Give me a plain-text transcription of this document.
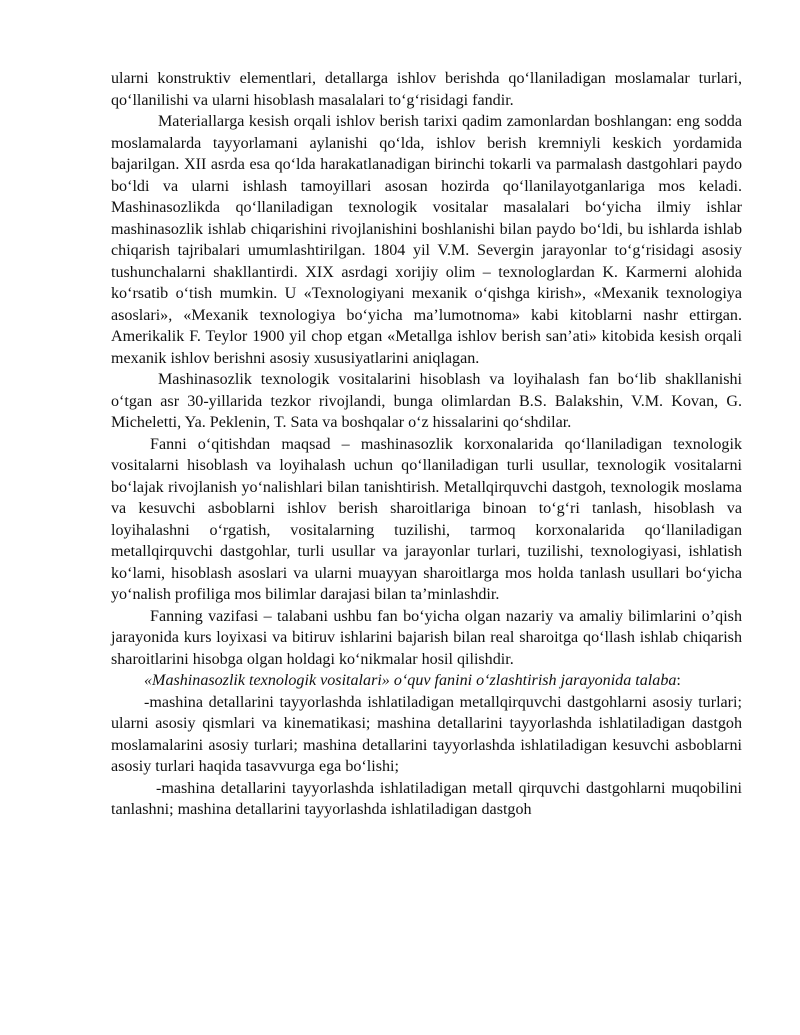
ularni konstruktiv elementlari, detallarga ishlov berishda qo‘llaniladigan moslamalar turlari, qo‘llanilishi va ularni hisoblash masalalari to‘g‘risidagi fandir.

Materiallarga kesish orqali ishlov berish tarixi qadim zamonlardan boshlangan: eng sodda moslamalarda tayyorlamani aylanishi qo‘lda, ishlov berish kremniyli keskich yordamida bajarilgan. XII asrda esa qo‘lda harakatlanadigan birinchi tokarli va parmalash dastgohlari paydo bo‘ldi va ularni ishlash tamoyillari asosan hozirda qo‘llanilayotganlariga mos keladi. Mashinasozlikda qo‘llaniladigan texnologik vositalar masalalari bo‘yicha ilmiy ishlar mashinasozlik ishlab chiqarishini rivojlanishini boshlanishi bilan paydo bo‘ldi, bu ishlarda ishlab chiqarish tajribalari umumlashtirilgan. 1804 yil V.M. Severgin jarayonlar to‘g‘risidagi asosiy tushunchalarni shakllantirdi. XIX asrdagi xorijiy olim – texnologlardan K. Karmerni alohida ko‘rsatib o‘tish mumkin. U «Texnologiyani mexanik o‘qishga kirish», «Mexanik texnologiya asoslari», «Mexanik texnologiya bo‘yicha ma’lumotnoma» kabi kitoblarni nashr ettirgan. Amerikalik F. Teylor 1900 yil chop etgan «Metallga ishlov berish san’ati» kitobida kesish orqali mexanik ishlov berishni asosiy xususiyatlarini aniqlagan.

Mashinasozlik texnologik vositalarini hisoblash va loyihalash fan bo‘lib shakllanishi o‘tgan asr 30-yillarida tezkor rivojlandi, bunga olimlardan B.S. Balakshin, V.M. Kovan, G. Micheletti, Ya. Peklenin, T. Sata va boshqalar o‘z hissalarini qo‘shdilar.

Fanni o‘qitishdan maqsad – mashinasozlik korxonalarida qo‘llaniladigan texnologik vositalarni hisoblash va loyihalash uchun qo‘llaniladigan turli usullar, texnologik vositalarni bo‘lajak rivojlanish yo‘nalishlari bilan tanishtirish. Metallqirquvchi dastgoh, texnologik moslama va kesuvchi asboblarni ishlov berish sharoitlariga binoan to‘g‘ri tanlash, hisoblash va loyihalashni o‘rgatish, vositalarning tuzilishi, tarmoq korxonalarida qo‘llaniladigan metallqirquvchi dastgohlar, turli usullar va jarayonlar turlari, tuzilishi, texnologiyasi, ishlatish ko‘lami, hisoblash asoslari va ularni muayyan sharoitlarga mos holda tanlash usullari bo‘yicha yo‘nalish profiliga mos bilimlar darajasi bilan ta’minlashdir.

Fanning vazifasi – talabani ushbu fan bo‘yicha olgan nazariy va amaliy bilimlarini o’qish jarayonida kurs loyixasi va bitiruv ishlarini bajarish bilan real sharoitga qo‘llash ishlab chiqarish sharoitlarini hisobga olgan holdagi ko‘nikmalar hosil qilishdir.

«Mashinasozlik texnologik vositalari» o‘quv fanini o‘zlashtirish jarayonida talaba:

-mashina detallarini tayyorlashda ishlatiladigan metallqirquvchi dastgohlarni asosiy turlari; ularni asosiy qismlari va kinematikasi; mashina detallarini tayyorlashda ishlatiladigan dastgoh moslamalarini asosiy turlari; mashina detallarini tayyorlashda ishlatiladigan kesuvchi asboblarni asosiy turlari haqida tasavvurga ega bo‘lishi;

-mashina detallarini tayyorlashda ishlatiladigan metall qirquvchi dastgohlarni muqobilini tanlashni; mashina detallarini tayyorlashda ishlatiladigan dastgoh
